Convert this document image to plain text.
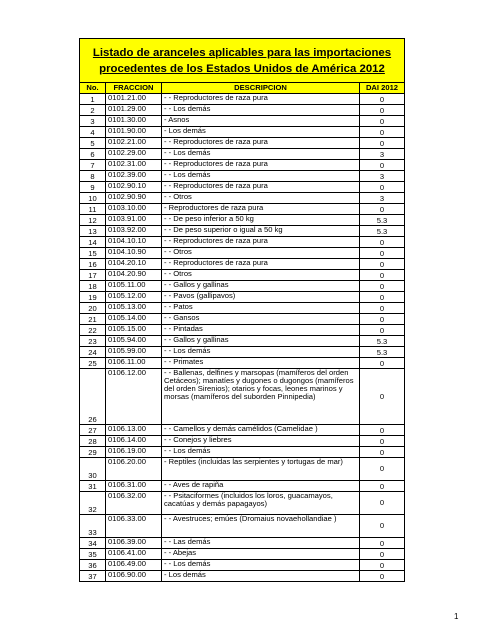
Listado de aranceles aplicables para las importaciones
procedentes de los Estados Unidos de América 2012			

No.	FRACCION	DESCRIPCION	DAI 2012
1	0101.21.00	- - Reproductores de raza pura	0
2	0101.29.00	- - Los demás	0
3	0101.30.00	- Asnos	0
4	0101.90.00	- Los demás	0
5	0102.21.00	- - Reproductores de raza pura	0
6	0102.29.00	- - Los demás	3
7	0102.31.00	- - Reproductores de raza pura	0
8	0102.39.00	- - Los demás	3
9	0102.90.10	- - Reproductores de raza pura	0
10	0102.90.90	- - Otros	3
11	0103.10.00	- Reproductores de raza pura	0
12	0103.91.00	- - De peso inferior a 50 kg	5.3
13	0103.92.00	- - De peso superior o igual a 50 kg	5.3
14	0104.10.10	- - Reproductores de raza pura	0
15	0104.10.90	- - Otros	0
16	0104.20.10	- - Reproductores de raza pura	0
17	0104.20.90	- - Otros	0
18	0105.11.00	- - Gallos y gallinas	0
19	0105.12.00	- - Pavos (gallipavos)	0
20	0105.13.00	- - Patos	0
21	0105.14.00	- - Gansos	0
22	0105.15.00	- - Pintadas	0
23	0105.94.00	- - Gallos y gallinas	5.3
24	0105.99.00	- - Los demás	5.3
25	0106.11.00	- - Primates	0
26	0106.12.00	- - Ballenas, delfines y marsopas (mamíferos del orden Cetáceos); manatíes y dugones o dugongos (mamíferos del orden Sirenios); otarios y focas, leones marinos y morsas (mamíferos del suborden Pinnipedia)	0
27	0106.13.00	- - Camellos y demás camélidos (Camelidae )	0
28	0106.14.00	- - Conejos y liebres	0
29	0106.19.00	- - Los demás	0
30	0106.20.00	- Reptiles (incluidas las serpientes y tortugas de mar)	0
31	0106.31.00	- - Aves de rapiña	0
32	0106.32.00	- - Psitaciformes (incluidos los loros, guacamayos, cacatúas y demás papagayos)	0
33	0106.33.00	- - Avestruces; emúes (Dromaius novaehollandiae )	0
34	0106.39.00	- - Las demás	0
35	0106.41.00	- - Abejas	0
36	0106.49.00	- - Los demás	0
37	0106.90.00	- Los demás	0
1
